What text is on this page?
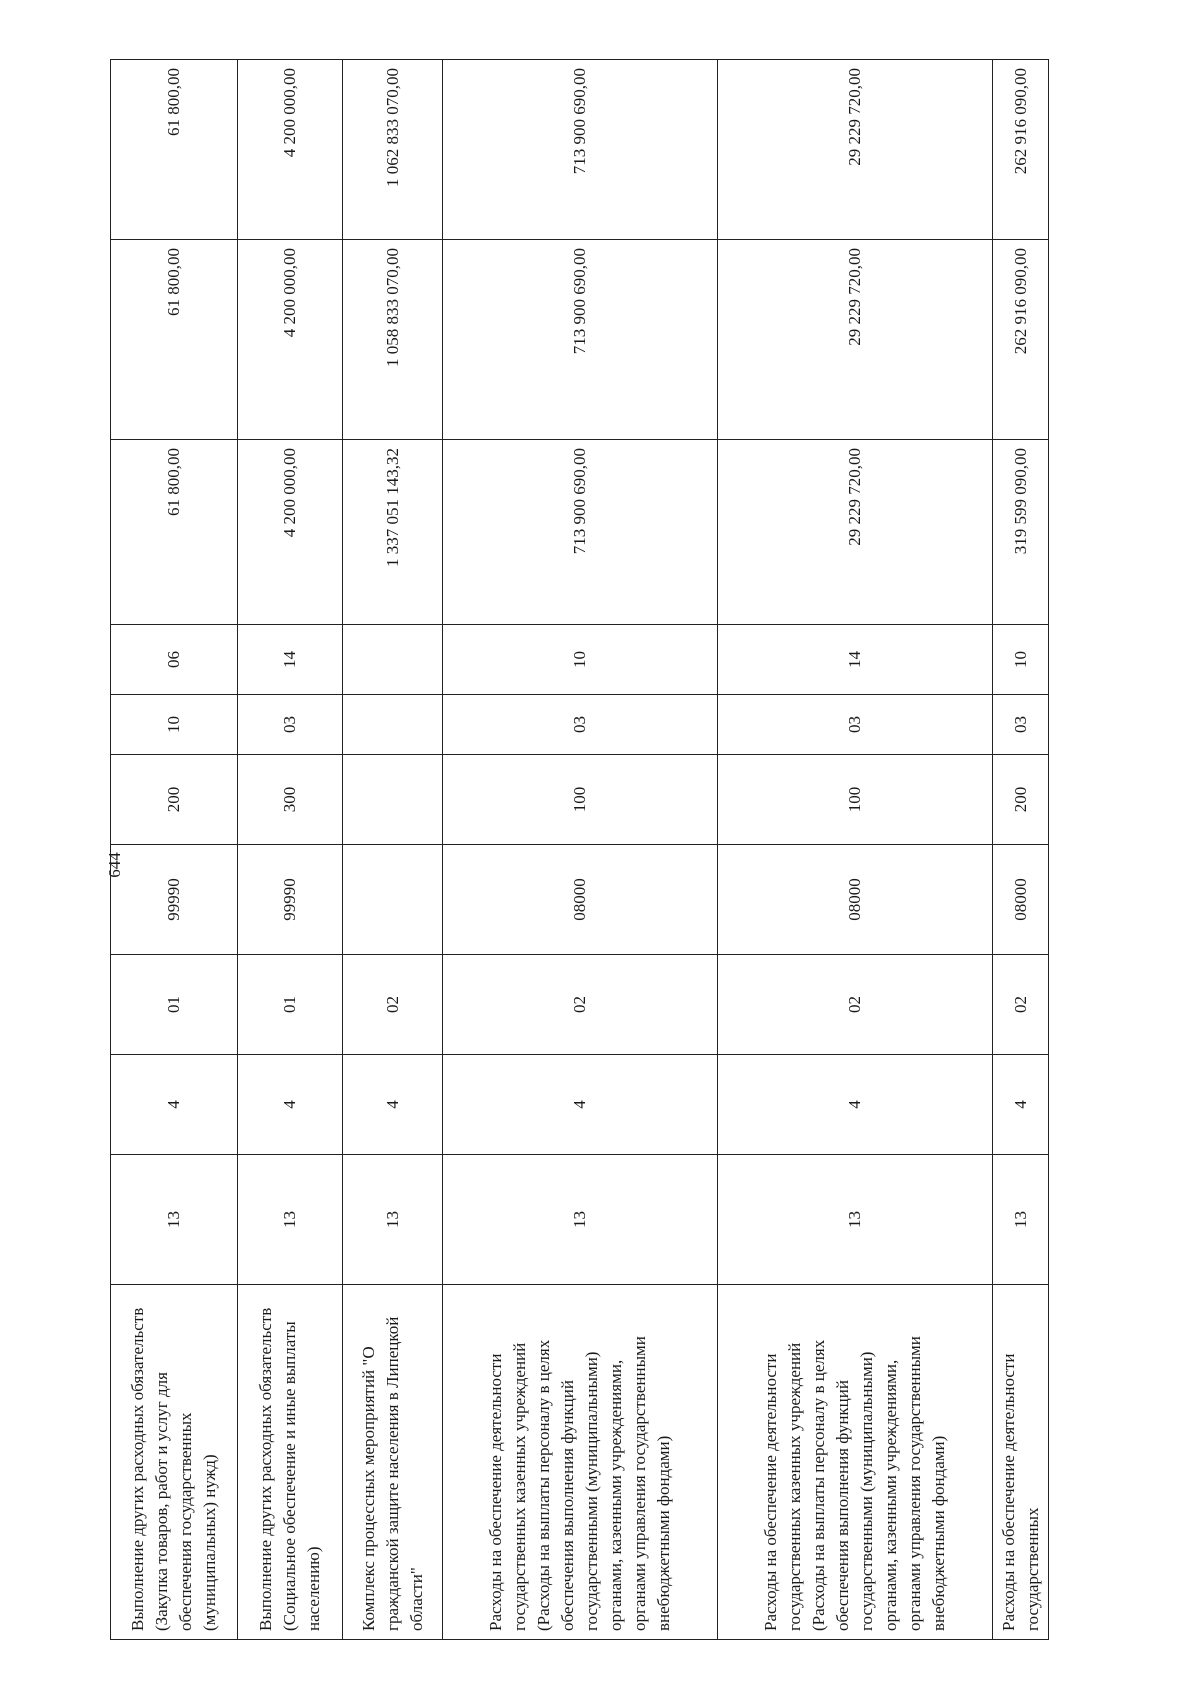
644
Выполнение других расходных обязательств (Закупка товаров, работ и услуг для обеспечения государственных (муниципальных) нужд)	13	4	01	99990	200	10	06	61 800,00	61 800,00	61 800,00
Выполнение других расходных обязательств (Социальное обеспечение и иные выплаты населению)	13	4	01	99990	300	03	14	4 200 000,00	4 200 000,00	4 200 000,00
Комплекс процессных мероприятий "О гражданской защите населения в Липецкой области"	13	4	02					1 337 051 143,32	1 058 833 070,00	1 062 833 070,00
Расходы на обеспечение деятельности государственных казенных учреждений (Расходы на выплаты персоналу в целях обеспечения выполнения функций государственными (муниципальными) органами, казенными учреждениями, органами управления государственными внебюджетными фондами)	13	4	02	08000	100	03	10	713 900 690,00	713 900 690,00	713 900 690,00
Расходы на обеспечение деятельности государственных казенных учреждений (Расходы на выплаты персоналу в целях обеспечения выполнения функций государственными (муниципальными) органами, казенными учреждениями, органами управления государственными внебюджетными фондами)	13	4	02	08000	100	03	14	29 229 720,00	29 229 720,00	29 229 720,00
Расходы на обеспечение деятельности государственных	13	4	02	08000	200	03	10	319 599 090,00	262 916 090,00	262 916 090,00
